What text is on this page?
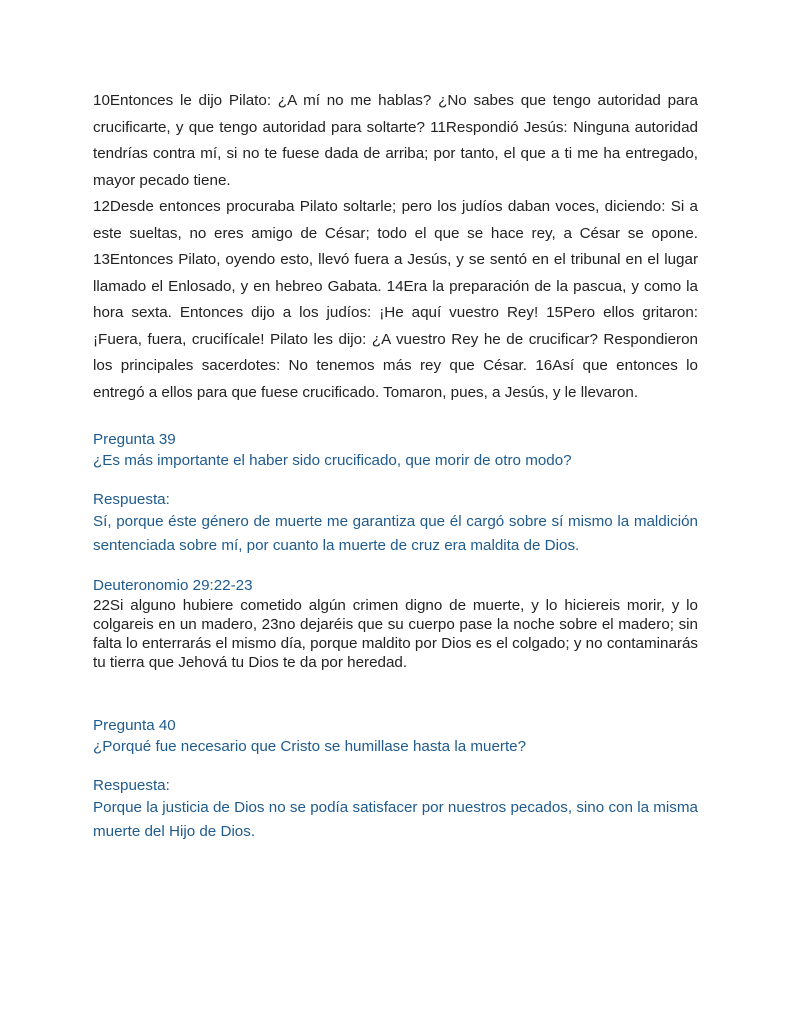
10Entonces le dijo Pilato: ¿A mí no me hablas? ¿No sabes que tengo autoridad para crucificarte, y que tengo autoridad para soltarte? 11Respondió Jesús: Ninguna autoridad tendrías contra mí, si no te fuese dada de arriba; por tanto, el que a ti me ha entregado, mayor pecado tiene.

12Desde entonces procuraba Pilato soltarle; pero los judíos daban voces, diciendo: Si a este sueltas, no eres amigo de César; todo el que se hace rey, a César se opone. 13Entonces Pilato, oyendo esto, llevó fuera a Jesús, y se sentó en el tribunal en el lugar llamado el Enlosado, y en hebreo Gabata. 14Era la preparación de la pascua, y como la hora sexta. Entonces dijo a los judíos: ¡He aquí vuestro Rey! 15Pero ellos gritaron: ¡Fuera, fuera, crucifícale! Pilato les dijo: ¿A vuestro Rey he de crucificar? Respondieron los principales sacerdotes: No tenemos más rey que César. 16Así que entonces lo entregó a ellos para que fuese crucificado. Tomaron, pues, a Jesús, y le llevaron.

Pregunta 39

¿Es más importante el haber sido crucificado, que morir de otro modo?

Respuesta:

Sí, porque éste género de muerte me garantiza que él cargó sobre sí mismo la maldición sentenciada sobre mí, por cuanto la muerte de cruz era maldita de Dios.

Deuteronomio 29:22-23

22Si alguno hubiere cometido algún crimen digno de muerte, y lo hiciereis morir, y lo colgareis en un madero, 23no dejaréis que su cuerpo pase la noche sobre el madero; sin falta lo enterrarás el mismo día, porque maldito por Dios es el colgado; y no contaminarás tu tierra que Jehová tu Dios te da por heredad.

Pregunta 40

¿Porqué fue necesario que Cristo se humillase hasta la muerte?

Respuesta:

Porque la justicia de Dios no se podía satisfacer por nuestros pecados, sino con la misma muerte del Hijo de Dios.
